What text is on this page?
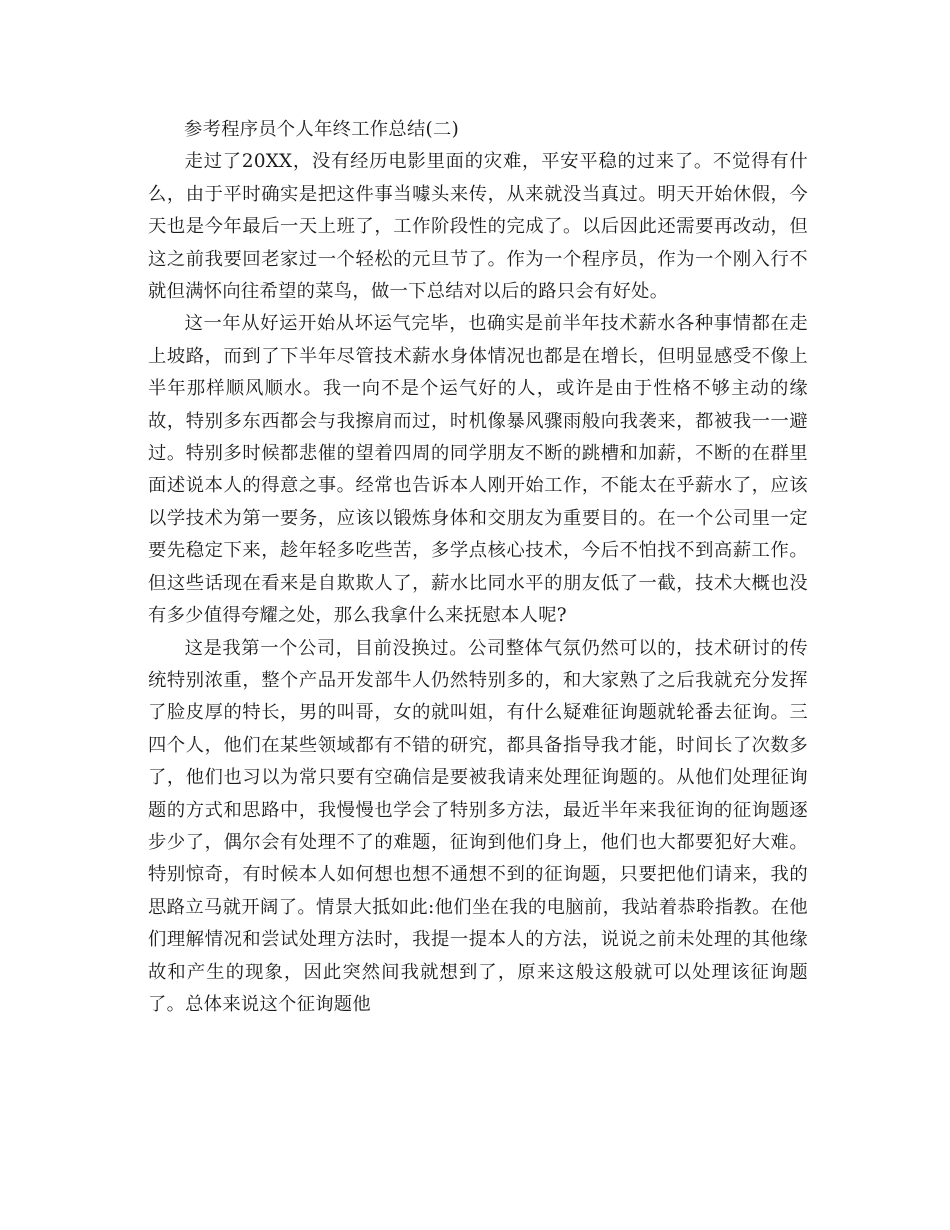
参考程序员个人年终工作总结(二)

走过了20XX，没有经历电影里面的灾难，平安平稳的过来了。不觉得有什么，由于平时确实是把这件事当噱头来传，从来就没当真过。明天开始休假，今天也是今年最后一天上班了，工作阶段性的完成了。以后因此还需要再改动，但这之前我要回老家过一个轻松的元旦节了。作为一个程序员，作为一个刚入行不就但满怀向往希望的菜鸟，做一下总结对以后的路只会有好处。

这一年从好运开始从坏运气完毕，也确实是前半年技术薪水各种事情都在走上坡路，而到了下半年尽管技术薪水身体情况也都是在增长，但明显感受不像上半年那样顺风顺水。我一向不是个运气好的人，或许是由于性格不够主动的缘故，特别多东西都会与我擦肩而过，时机像暴风骤雨般向我袭来，都被我一一避过。特别多时候都悲催的望着四周的同学朋友不断的跳槽和加薪，不断的在群里面述说本人的得意之事。经常也告诉本人刚开始工作，不能太在乎薪水了，应该以学技术为第一要务，应该以锻炼身体和交朋友为重要目的。在一个公司里一定要先稳定下来，趁年轻多吃些苦，多学点核心技术，今后不怕找不到高薪工作。但这些话现在看来是自欺欺人了，薪水比同水平的朋友低了一截，技术大概也没有多少值得夸耀之处，那么我拿什么来抚慰本人呢?

这是我第一个公司，目前没换过。公司整体气氛仍然可以的，技术研讨的传统特别浓重，整个产品开发部牛人仍然特别多的，和大家熟了之后我就充分发挥了脸皮厚的特长，男的叫哥，女的就叫姐，有什么疑难征询题就轮番去征询。三四个人，他们在某些领域都有不错的研究，都具备指导我才能，时间长了次数多了，他们也习以为常只要有空确信是要被我请来处理征询题的。从他们处理征询题的方式和思路中，我慢慢也学会了特别多方法，最近半年来我征询的征询题逐步少了，偶尔会有处理不了的难题，征询到他们身上，他们也大都要犯好大难。特别惊奇，有时候本人如何想也想不通想不到的征询题，只要把他们请来，我的思路立马就开阔了。情景大抵如此:他们坐在我的电脑前，我站着恭聆指教。在他们理解情况和尝试处理方法时，我提一提本人的方法，说说之前未处理的其他缘故和产生的现象，因此突然间我就想到了，原来这般这般就可以处理该征询题了。总体来说这个征询题他
